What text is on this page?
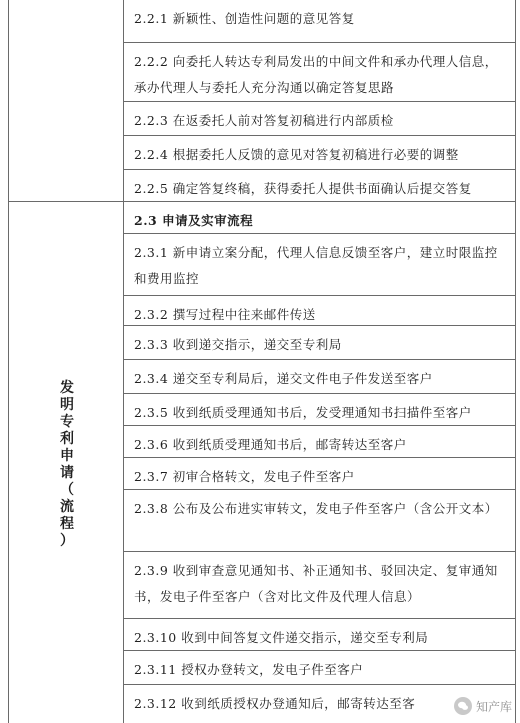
发
明
专
利
申
请
（
流
程
）
2.2.1 新颖性、创造性问题的意见答复
2.2.2 向委托人转达专利局发出的中间文件和承办代理人信息，承办代理人与委托人充分沟通以确定答复思路
2.2.3 在返委托人前对答复初稿进行内部质检
2.2.4 根据委托人反馈的意见对答复初稿进行必要的调整
2.2.5 确定答复终稿，获得委托人提供书面确认后提交答复
2.3 申请及实审流程
2.3.1 新申请立案分配，代理人信息反馈至客户，建立时限监控和费用监控
2.3.2 撰写过程中往来邮件传送
2.3.3 收到递交指示，递交至专利局
2.3.4 递交至专利局后，递交文件电子件发送至客户
2.3.5 收到纸质受理通知书后，发受理通知书扫描件至客户
2.3.6 收到纸质受理通知书后，邮寄转达至客户
2.3.7 初审合格转文，发电子件至客户
2.3.8 公布及公布进实审转文，发电子件至客户（含公开文本）
2.3.9 收到审查意见通知书、补正通知书、驳回决定、复审通知书，发电子件至客户（含对比文件及代理人信息）
2.3.10 收到中间答复文件递交指示，递交至专利局
2.3.11 授权办登转文，发电子件至客户
2.3.12 收到纸质授权办登通知后，邮寄转达至客	知产库
